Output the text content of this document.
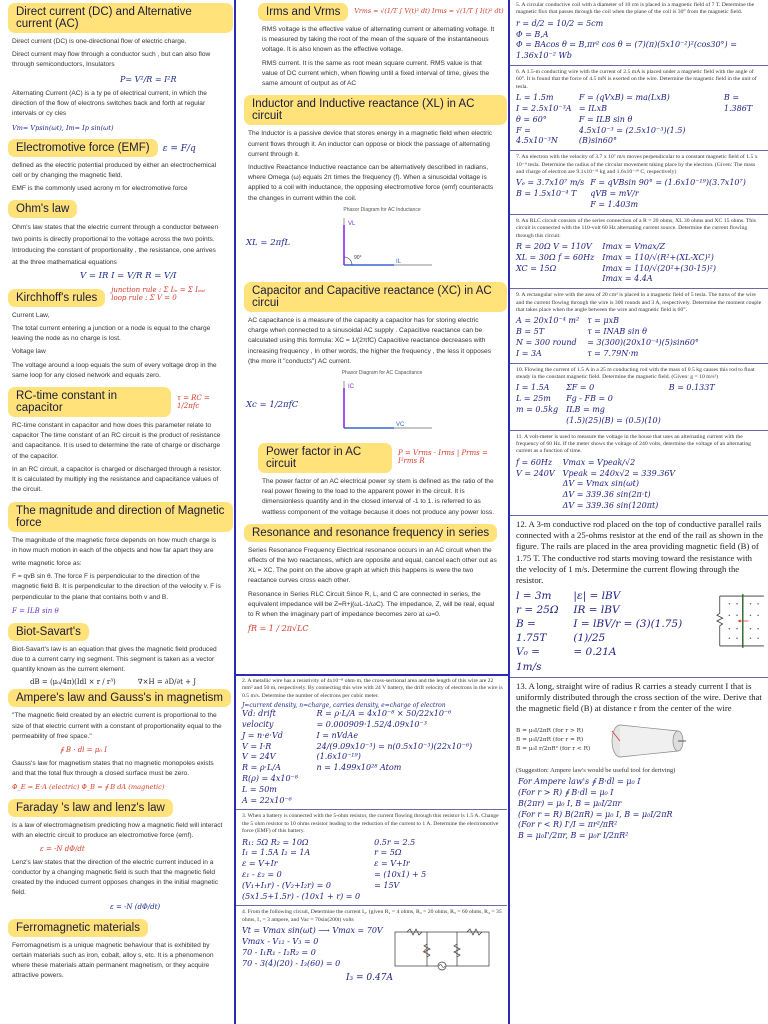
Direct current (DC) and Alternative current (AC)
Direct current (DC) is one-directional flow of electric charge.
Direct current may flow through a conductor such , but can also flow through semiconductors, Insulators
P= V²/R = I²R
Alternating Current (AC) is a ty pe of electrical current, in which the direction of the flow of electrons switches back and forth at regular intervals or cy cles
Vm= Vpsin(ωt), Im= Ip sin(ωt)
Electromotive force (EMF) ε = F/q
defined as the electric potential produced by either an electrochemical cell or by changing the magnetic field.
EMF is the commonly used acrony m for electromotive force
Ohm's law
Ohm's law states that the electric current through a conductor between two points is directly proportional to the voltage across the two points. Introducing the constant of proportionality , the resistance, one arrives at the three mathematical equations
V = IR I = V/R R = V/I
Kirchhoff's rules
junction rule : Σ Iᵢₙ = Σ Iₒᵤₜ
loop rule : Σ V = 0
Current Law,
The total current entering a junction or a node is equal to the charge leaving the node as no charge is lost.
Voltage law
The voltage around a loop equals the sum of every voltage drop in the same loop for any closed network and equals zero.
RC-time constant in capacitor
τ = RC = 1/2πfc
RC-time constant in capacitor and how does this parameter relate to capacitor The time constant of an RC circuit is the product of resistance and capacitance. It is used to determine the rate of charge or discharge of the capacitor.
In an RC circuit, a capacitor is charged or discharged through a resistor. It is calculated by multiply ing the resistance and capacitance values of the circuit.
The magnitude and direction of Magnetic force
The magnitude of the magnetic force depends on how much charge is in how much motion in each of the objects and how far apart they are
write magnetic force as:
F = qvB sin θ. The force F is perpendicular to the direction of the magnetic field B. It is perpendicular to the direction of the velocity v. F is perpendicular to the plane that contains both v and B.
F = ILB sin θ
Biot-Savart's
Biot-Savart's law is an equation that gives the magnetic field produced due to a current carry ing segment. This segment is taken as a vector quantity known as the current element.
dB = (μ₀/4π)(Idl × r / r³)	∇×H = ∂D/∂t + J
Ampere's law and Gauss's in magnetism
"The magnetic field created by an electric current is proportional to the size of that electric current with a constant of proportionality equal to the permeability of free space."
∮ B · dl = μ₀ I
Gauss's law for magnetism states that no magnetic monopoles exists and that the total flux through a closed surface must be zero.
Φ_E = E·A (electric) Φ_B = ∮ B dA (magnetic)
Faraday 's law and lenz's law
Is a law of electromagnetism predicting how a magnetic field will interact with an electric circuit to produce an electromotive force (emf).
ε = -N dΦ/dt
Lenz's law states that the direction of the electric current induced in a conductor by a changing magnetic field is such that the magnetic field created by the induced current opposes changes in the initial magnetic field.
ε = -N (dΦ/dt)
Ferromagnetic materials
Ferromagnetism is a unique magnetic behaviour that is exhibited by certain materials such as iron, cobalt, alloy s, etc. It is a phenomenon where these materials attain permanent magnetism, or they acquire attractive powers.
Irms and Vrms	Vrms = √(1/T ∫ V(t)² dt) Irms = √(1/T ∫ I(t)² dt)
RMS voltage is the effective value of alternating current or alternating voltage. It is measured by taking the root of the mean of the square of the instantaneous voltage. It is also known as the effective voltage.
RMS current. It is the same as root mean square current. RMS value is that value of DC current which, when flowing until a fixed interval of time, gives the same amount of output as of AC
Inductor and Inductive reactance (XL) in AC circuit
The Inductor is a passive device that stores energy in a magnetic field when electric current flows through it. An inductor can oppose or block the passage of alternating current through it.
Inductive Reactance Inductive reactance can be alternatively described in radians, where Omega (ω) equals 2π times the frequency (f). When a sinusoidal voltage is applied to a coil with inductance, the opposing electromotive force (emf) counteracts the changes in current within the coil.
XL = 2πfL
Phasor Diagram for AC Inductance
VL
IL
90°
Capacitor and Capacitive reactance (XC) in AC circui
AC capacitance is a measure of the capacity a capacitor has for storing electric charge when connected to a sinusoidal AC supply . Capacitive reactance can be calculated using this formula: XC = 1/(2πfC) Capacitive reactance decreases with increasing frequency , In other words, the higher the frequency , the less it opposes (the more it "conducts") AC current.
Xc = 1/2πfC
Phasor Diagram for AC Capacitance
IC
VC
Power factor in AC circuit
P = Vrms · Irms | Prms = I²rms R
The power factor of an AC electrical power sy stem is defined as the ratio of the real power flowing to the load to the apparent power in the circuit. It is dimensionless quantity and in the closed interval of -1 to 1. is referred to as wattless component of the voltage because it does not produce any power loss.
Resonance and resonance frequency in series
Series Resonance Frequency Electrical resonance occurs in an AC circuit when the effects of the two reactances, which are opposite and equal, cancel each other out as XL = XC. The point on the above graph at which this happens is were the two reactance curves cross each other.
Resonance in Series RLC Circuit Since R, L, and C are connected in series, the equivalent impedance will be Z=R+j(ωL-1/ωC). The impedance, Z, will be real, equal to R when the imaginary part of impedance becomes zero at ω=0.
fR = 1 / 2π√LC
2. A metallic wire has a resistivity of 4x10⁻⁸ ohm·m, the cross-sectional area and the length of this wire are 22 mm² and 50 m, respectively. By connecting this wire with 24 V battery, the drift velocity of electrons in the wire is 0.5 m/s. Determine the number of electrons per cubic meter.
J=current density, n=charge, carries density, e=charge of electron
Vd: drift velocity
J = n·e·Vd
V = I·R
V = 24V
R = ρ·L/A
R(ρ) = 4x10⁻⁸
L = 50m
A = 22x10⁻⁶
R = ρ·L/A = 4x10⁻⁸ × 50/22x10⁻⁶
= 0.000909·1.52/4.09x10⁻³
I = nVdAe
24/(9.09x10⁻³) = n(0.5x10⁻³)(22x10⁻⁶)(1.6x10⁻¹⁹)
n = 1.499x10²⁸ Atom
3. When a battery is connected with the 5-ohm resistor, the current flowing through this resistor is 1.5 A. Change the 5 ohm resistor to 10 ohms resistor leading to the reduction of the current to 1 A. Determine the electromotive force (EMF) of this battery.
R₁: 5Ω R₂ = 10Ω
I₁ = 1.5A I₂ = 1A
ε = V+Ir
ε₁ - ε₂ = 0
(V₁+I₁r) - (V₂+I₂r) = 0
(5x1.5+1.5r) - (10x1 + r) = 0
0.5r = 2.5
r = 5Ω
ε = V+Ir
= (10x1) + 5
= 15V
4. From the following circuit, Determine the current I₃. (given R₁ = 4 ohms, R₂ = 20 ohms, R₃ = 60 ohms, R₄ = 35 ohms, I₁ = 3 ampere, and Vac = 70sin(200t) volts
Vt = Vmax sin(ωt) ⟶ Vmax = 70V
Vmax - V₁₂ - V₃ = 0
70 - I₁R₁ - I₂R₂ = 0
70 - 3(4)(20) - I₃(60) = 0
I₃ = 0.47A
5. A circular conductive coil with a diameter of 10 cm is placed in a magnetic field of 7 T. Determine the magnetic flux that passes through the coil when the plane of the coil is 30° from the magnetic field.
r = d/2 = 10/2 = 5cm
Φ = B,A
Φ = BAcos θ = B,πr² cos θ = (7)(π)(5x10⁻²)²(cos30°) = 1.36x10⁻² Wb
6. A 1.5-m conducting wire with the current of 2.5 mA is placed under a magnetic field with the angle of 60°. It is found that the force of 4.5 mN is exerted on the wire. Determine the magnetic field in the unit of tesla.
L = 1.5m
I = 2.5x10⁻³A
θ = 60°
F = 4.5x10⁻³N
F = (qVxB) = ma(LxB)
= ILxB
F = ILB sin θ
4.5x10⁻³ = (2.5x10⁻³)(1.5)(B)sin60°
B = 1.386T
7. An electron with the velocity of 3.7 x 10⁷ m/s moves perpendicular to a constant magnetic field of 1.5 x 10⁻⁴ tesla. Determine the radius of the circular movement taking place by the electron. (Given: The mass and charge of electron are 9.1x10⁻³¹ kg and 1.6x10⁻¹⁹ C, respectively)
Vₑ = 3.7x10⁷ m/s
B = 1.5x10⁻⁴ T
F = qVBsin 90° = (1.6x10⁻¹⁹)(3.7x10⁷)
qVB = mV/r
F = 1.403m
8. An RLC circuit consists of the series connection of a R = 20 ohms, XL 30 ohms and XC 15 ohms. This circuit is connected with the 110-volt 60 Hz alternating current source. Determine the current flowing through this circuit.
R = 20Ω V = 110V
XL = 30Ω f = 60Hz
XC = 15Ω
Imax = Vmax/Z
Imax = 110/√(R²+(XL-XC)²)
Imax = 110/√(20²+(30-15)²)
Imax = 4.4A
9. A rectangular wire with the area of 20 cm² is placed in a magnetic field of 5 tesla. The turns of the wire and the current flowing through the wire is 300 rounds and 3 A, respectively. Determine the moment couple that takes place when the angle between the wire and magnetic field is 60°.
A = 20x10⁻⁴ m²
B = 5T
N = 300 round
I = 3A
τ = μxB
τ = INAB sin θ
= 3(300)(20x10⁻⁴)(5)sin60°
τ = 7.79N·m
10. Flowing the current of 1.5 A in a 25 m conducting rod with the mass of 0.5 kg causes this rod to float steady in the constant magnetic field. Determine the magnetic field. (Given: g = 10 m/s²)
I = 1.5A
L = 25m
m = 0.5kg
ΣF = 0
Fg - FB = 0
ILB = mg
(1.5)(25)(B) = (0.5)(10)
B = 0.133T
11. A volt-meter is used to measure the voltage in the house that uses an alternating current with the frequency of 60 Hz. If the meter shows the voltage of 240 volts, determine the voltage of an alternating current as a function of time.
f = 60Hz
V = 240V
Vmax = Vpeak/√2
Vpeak = 240x√2 = 339.36V
ΔV = Vmax sin(ωt)
ΔV = 339.36 sin(2π·t)
ΔV = 339.36 sin(120πt)
12. A 3-m conductive rod placed on the top of conductive parallel rails connected with a 25-ohms resistor at the end of the rail as shown in the figure. The rails are placed in the area providing magnetic field (B) of 1.75 T. The conductive rod starts moving toward the resistance with the velocity of 1 m/s. Determine the current flowing through the resistor.
l = 3m
r = 25Ω
B = 1.75T
V₀ = 1m/s
|ε| = lBV
IR = lBV
I = lBV/r = (3)(1.75)(1)/25
= 0.21A
13. A long, straight wire of radius R carries a steady current I that is uniformly distributed through the cross section of the wire. Derive that the magnetic field (B) at distance r from the center of the wire
B = μ₀I/2πR (for r > R)
B = μ₀I/2πR (for r = R)
B = μ₀I r/2πR² (for r < R)
(Suggestion: Ampere law's would be useful tool for deriving)
For Ampere law's ∮ B·dl = μ₀ I
(For r > R) ∮ B·dl = μ₀ I
B(2πr) = μ₀ I, B = μ₀I/2πr
(For r = R) B(2πR) = μ₀ I, B = μ₀I/2πR
(For r < R) I'/I = πr²/πR²
B = μ₀I'/2πr, B = μ₀r I/2πR²
